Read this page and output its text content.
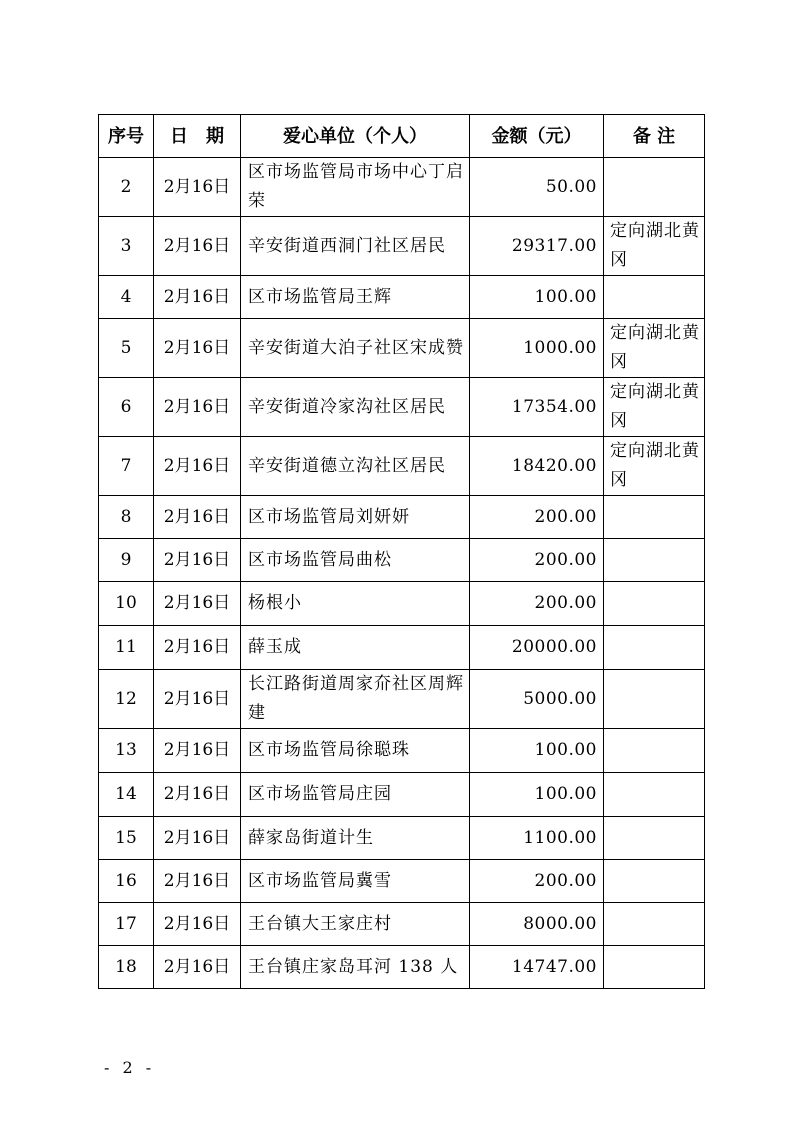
序号	日　期	爱心单位（个人）	金额（元）	备 注
2	2月16日	区市场监管局市场中心丁启荣	50.00	
3	2月16日	辛安街道西洞门社区居民	29317.00	定向湖北黄冈
4	2月16日	区市场监管局王辉	100.00	
5	2月16日	辛安街道大泊子社区宋成赞	1000.00	定向湖北黄冈
6	2月16日	辛安街道冷家沟社区居民	17354.00	定向湖北黄冈
7	2月16日	辛安街道德立沟社区居民	18420.00	定向湖北黄冈
8	2月16日	区市场监管局刘妍妍	200.00	
9	2月16日	区市场监管局曲松	200.00	
10	2月16日	杨根小	200.00	
11	2月16日	薛玉成	20000.00	
12	2月16日	长江路街道周家夼社区周辉建	5000.00	
13	2月16日	区市场监管局徐聪珠	100.00	
14	2月16日	区市场监管局庄园	100.00	
15	2月16日	薛家岛街道计生	1100.00	
16	2月16日	区市场监管局冀雪	200.00	
17	2月16日	王台镇大王家庄村	8000.00	
18	2月16日	王台镇庄家岛耳河 138 人	14747.00	
- 2 -
